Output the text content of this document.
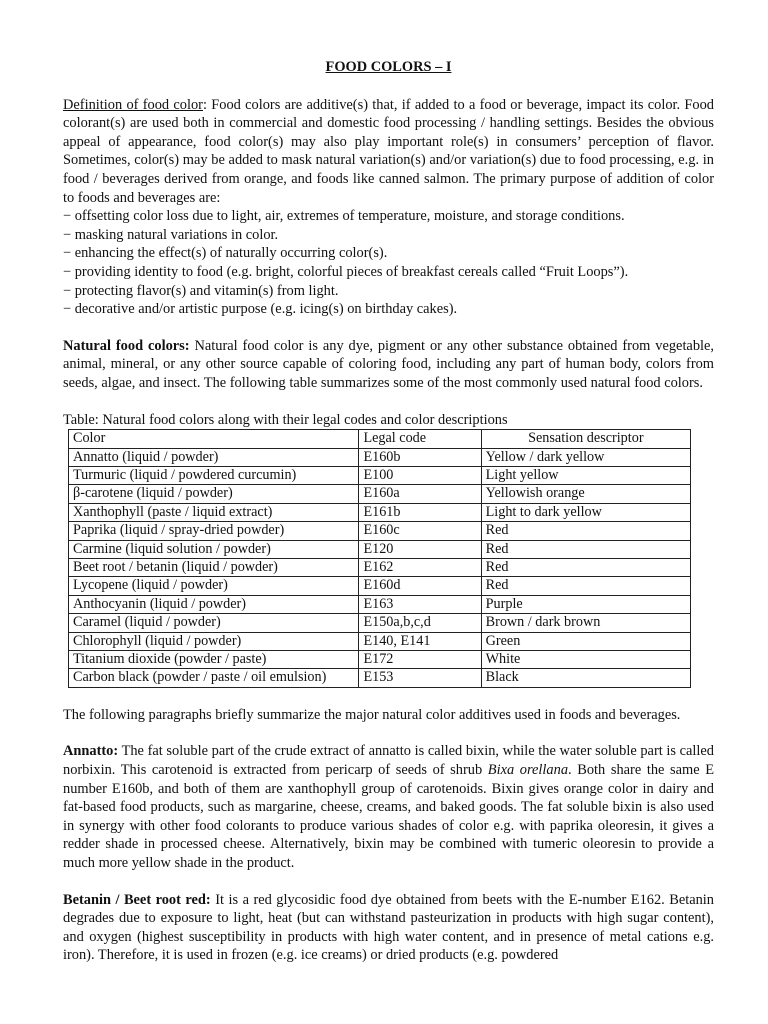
FOOD COLORS – I

Definition of food color: Food colors are additive(s) that, if added to a food or beverage, impact its color. Food colorant(s) are used both in commercial and domestic food processing / handling settings. Besides the obvious appeal of appearance, food color(s) may also play important role(s) in consumers’ perception of flavor. Sometimes, color(s) may be added to mask natural variation(s) and/or variation(s) due to food processing, e.g. in food / beverages derived from orange, and foods like canned salmon. The primary purpose of addition of color to foods and beverages are:

− offsetting color loss due to light, air, extremes of temperature, moisture, and storage conditions.
− masking natural variations in color.
− enhancing the effect(s) of naturally occurring color(s).
− providing identity to food (e.g. bright, colorful pieces of breakfast cereals called “Fruit Loops”).
− protecting flavor(s) and vitamin(s) from light.
− decorative and/or artistic purpose (e.g. icing(s) on birthday cakes).

Natural food colors: Natural food color is any dye, pigment or any other substance obtained from vegetable, animal, mineral, or any other source capable of coloring food, including any part of human body, colors from seeds, algae, and insect. The following table summarizes some of the most commonly used natural food colors.

Table: Natural food colors along with their legal codes and color descriptions

Color	Legal code	Sensation descriptor
Annatto (liquid / powder)	E160b	Yellow / dark yellow
Turmuric (liquid / powdered curcumin)	E100	Light yellow
β-carotene (liquid / powder)	E160a	Yellowish orange
Xanthophyll (paste / liquid extract)	E161b	Light to dark yellow
Paprika (liquid / spray-dried powder)	E160c	Red
Carmine (liquid solution / powder)	E120	Red
Beet root / betanin (liquid / powder)	E162	Red
Lycopene (liquid / powder)	E160d	Red
Anthocyanin (liquid / powder)	E163	Purple
Caramel (liquid / powder)	E150a,b,c,d	Brown / dark brown
Chlorophyll (liquid / powder)	E140, E141	Green
Titanium dioxide (powder / paste)	E172	White
Carbon black (powder / paste / oil emulsion)	E153	Black

The following paragraphs briefly summarize the major natural color additives used in foods and beverages.

Annatto: The fat soluble part of the crude extract of annatto is called bixin, while the water soluble part is called norbixin. This carotenoid is extracted from pericarp of seeds of shrub Bixa orellana. Both share the same E number E160b, and both of them are xanthophyll group of carotenoids. Bixin gives orange color in dairy and fat-based food products, such as margarine, cheese, creams, and baked goods. The fat soluble bixin is also used in synergy with other food colorants to produce various shades of color e.g. with paprika oleoresin, it gives a redder shade in processed cheese. Alternatively, bixin may be combined with tumeric oleoresin to provide a much more yellow shade in the product.

Betanin / Beet root red: It is a red glycosidic food dye obtained from beets with the E-number E162. Betanin degrades due to exposure to light, heat (but can withstand pasteurization in products with high sugar content), and oxygen (highest susceptibility in products with high water content, and in presence of metal cations e.g. iron). Therefore, it is used in frozen (e.g. ice creams) or dried products (e.g. powdered
